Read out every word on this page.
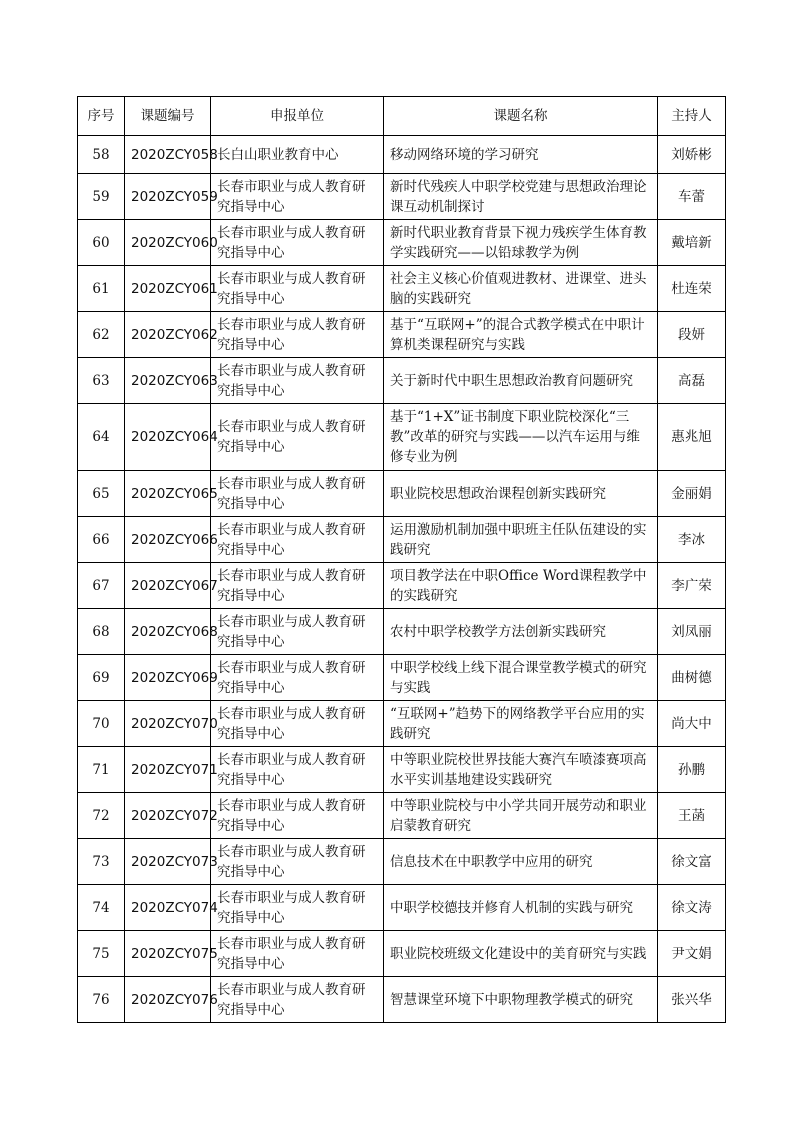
序号	课题编号	申报单位	课题名称	主持人
58	2020ZCY058	长白山职业教育中心	移动网络环境的学习研究	刘娇彬
59	2020ZCY059	长春市职业与成人教育研究指导中心	新时代残疾人中职学校党建与思想政治理论课互动机制探讨	车蕾
60	2020ZCY060	长春市职业与成人教育研究指导中心	新时代职业教育背景下视力残疾学生体育教学实践研究——以铅球教学为例	戴培新
61	2020ZCY061	长春市职业与成人教育研究指导中心	社会主义核心价值观进教材、进课堂、进头脑的实践研究	杜连荣
62	2020ZCY062	长春市职业与成人教育研究指导中心	基于“互联网+”的混合式教学模式在中职计算机类课程研究与实践	段妍
63	2020ZCY063	长春市职业与成人教育研究指导中心	关于新时代中职生思想政治教育问题研究	高磊
64	2020ZCY064	长春市职业与成人教育研究指导中心	基于“1+X”证书制度下职业院校深化“三教”改革的研究与实践——以汽车运用与维修专业为例	惠兆旭
65	2020ZCY065	长春市职业与成人教育研究指导中心	职业院校思想政治课程创新实践研究	金丽娟
66	2020ZCY066	长春市职业与成人教育研究指导中心	运用激励机制加强中职班主任队伍建设的实践研究	李冰
67	2020ZCY067	长春市职业与成人教育研究指导中心	项目教学法在中职Office Word课程教学中的实践研究	李广荣
68	2020ZCY068	长春市职业与成人教育研究指导中心	农村中职学校教学方法创新实践研究	刘凤丽
69	2020ZCY069	长春市职业与成人教育研究指导中心	中职学校线上线下混合课堂教学模式的研究与实践	曲树德
70	2020ZCY070	长春市职业与成人教育研究指导中心	“互联网+”趋势下的网络教学平台应用的实践研究	尚大中
71	2020ZCY071	长春市职业与成人教育研究指导中心	中等职业院校世界技能大赛汽车喷漆赛项高水平实训基地建设实践研究	孙鹏
72	2020ZCY072	长春市职业与成人教育研究指导中心	中等职业院校与中小学共同开展劳动和职业启蒙教育研究	王菡
73	2020ZCY073	长春市职业与成人教育研究指导中心	信息技术在中职教学中应用的研究	徐文富
74	2020ZCY074	长春市职业与成人教育研究指导中心	中职学校德技并修育人机制的实践与研究	徐文涛
75	2020ZCY075	长春市职业与成人教育研究指导中心	职业院校班级文化建设中的美育研究与实践	尹文娟
76	2020ZCY076	长春市职业与成人教育研究指导中心	智慧课堂环境下中职物理教学模式的研究	张兴华
